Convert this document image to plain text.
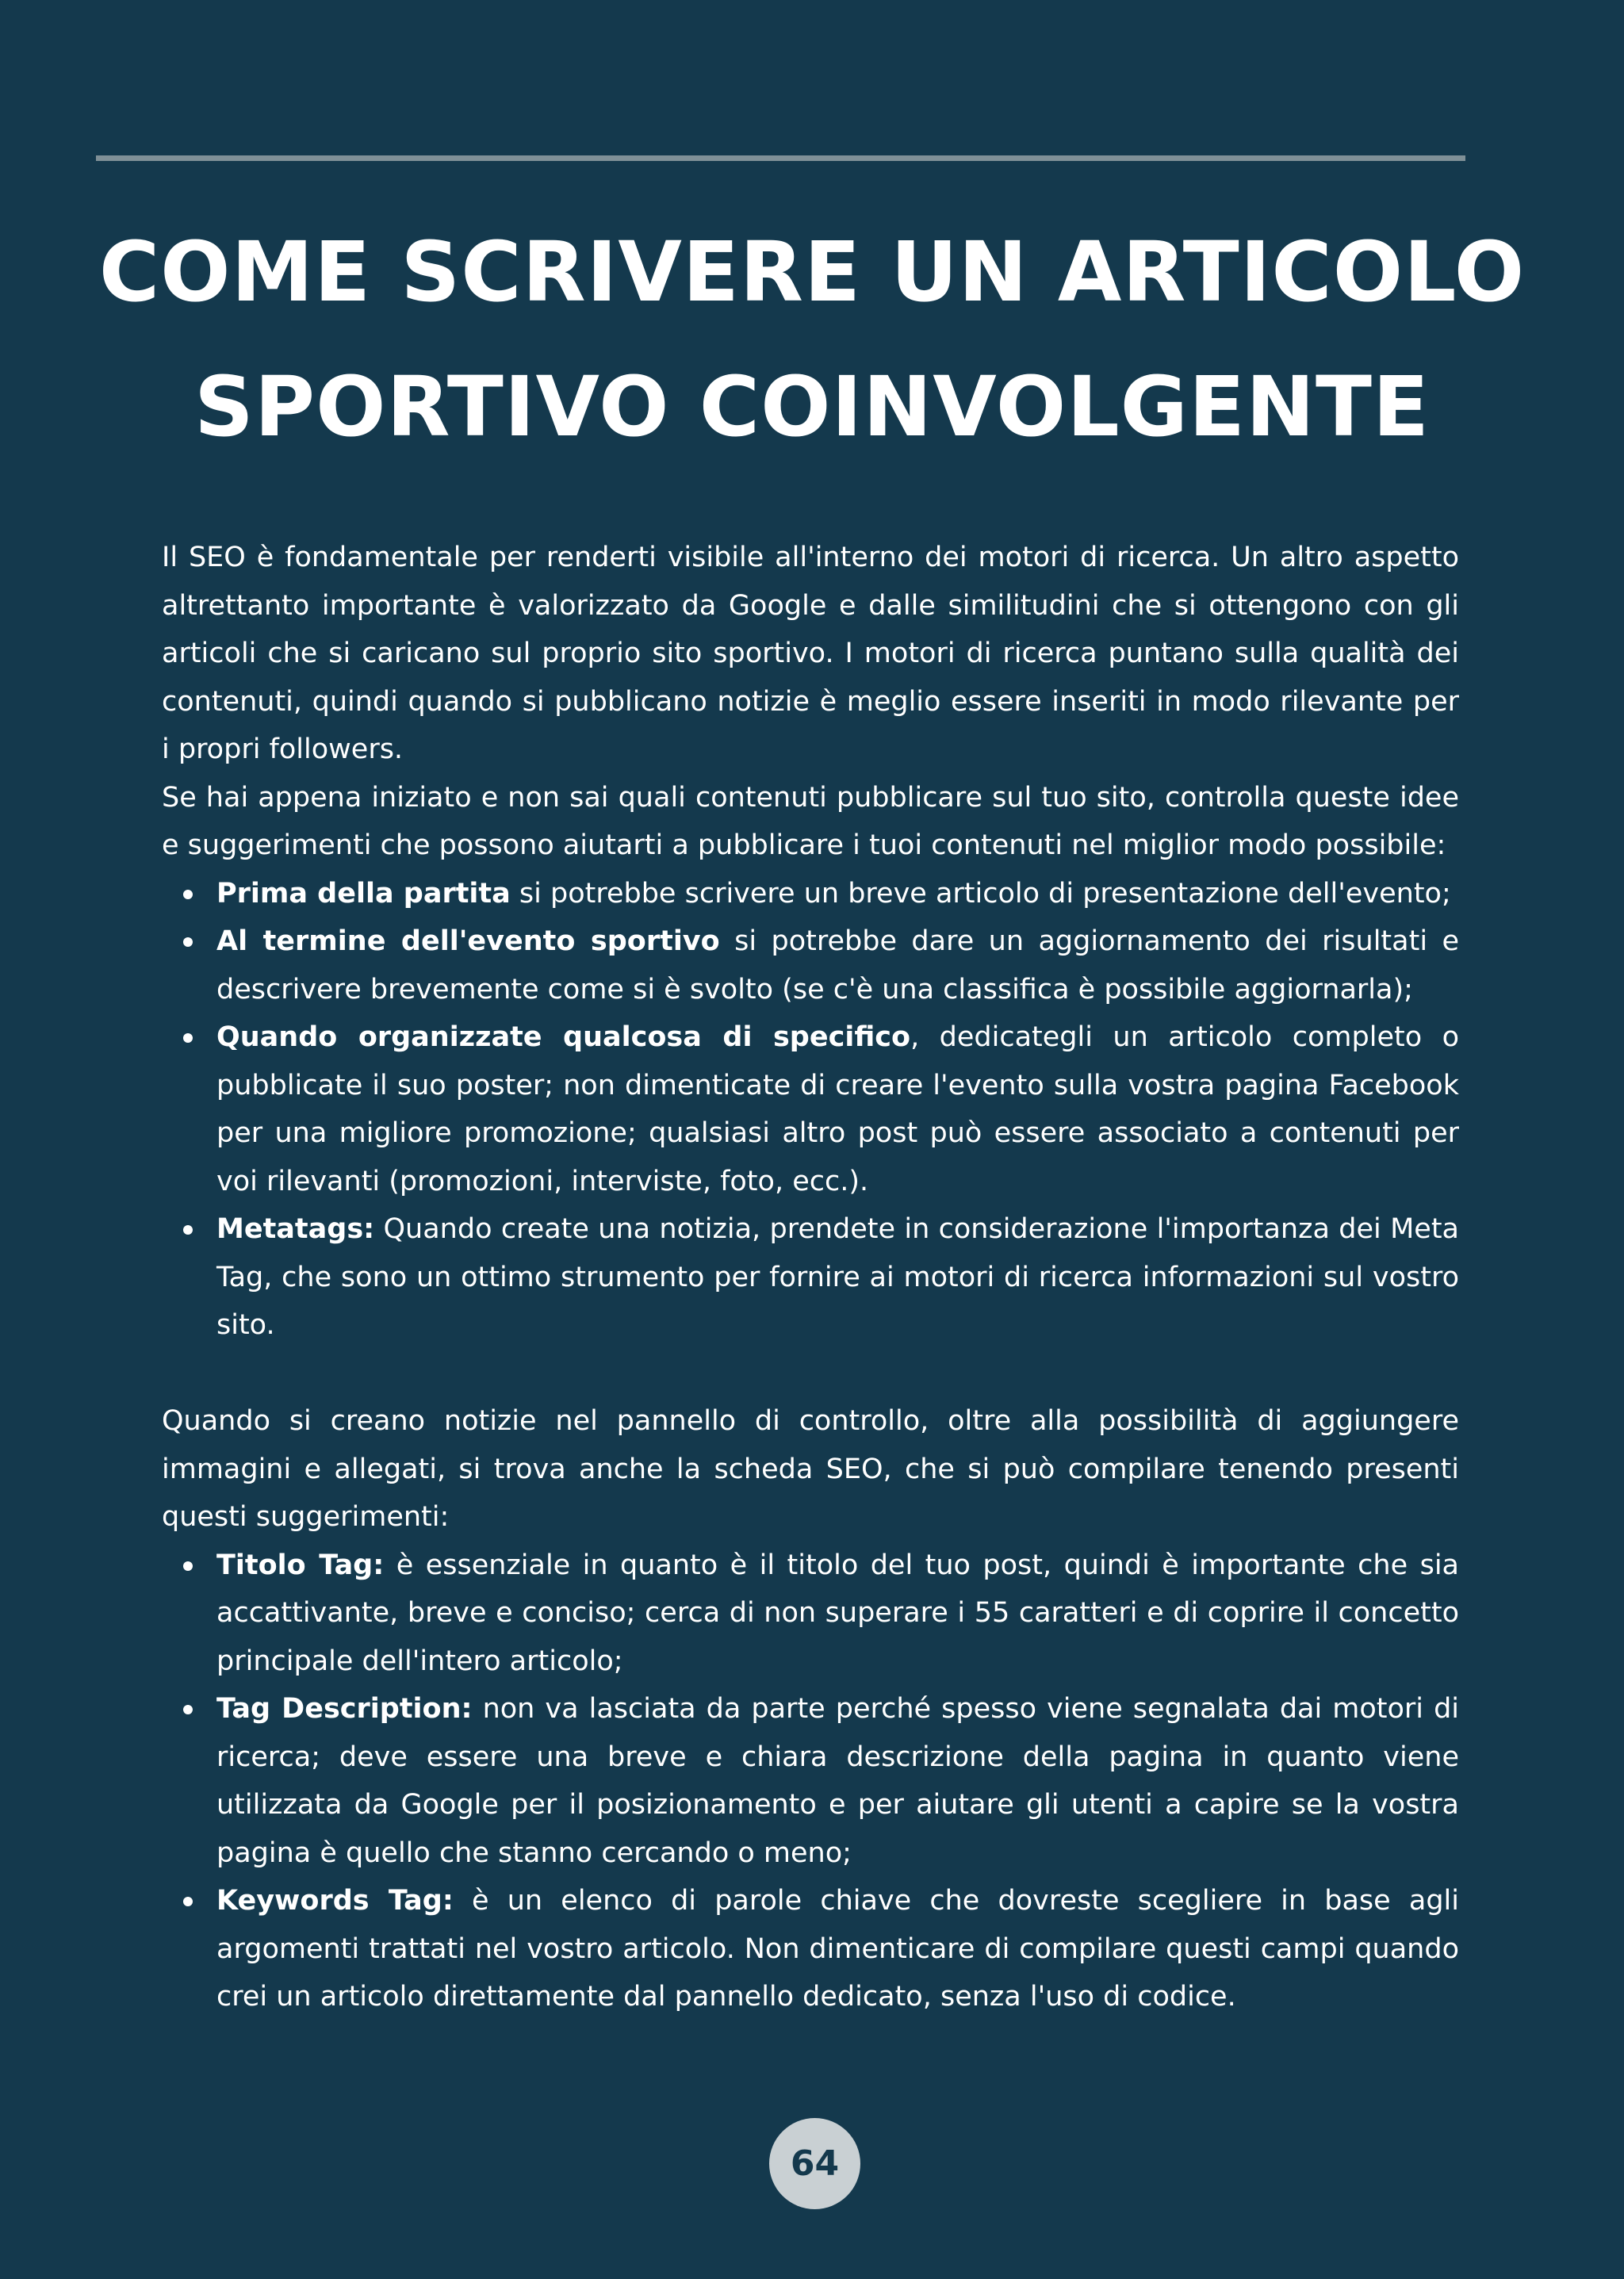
COME SCRIVERE UN ARTICOLO
SPORTIVO COINVOLGENTE

Il SEO è fondamentale per renderti visibile all'interno dei motori di ricerca. Un altro aspetto altrettanto importante è valorizzato da Google e dalle similitudini che si ottengono con gli articoli che si caricano sul proprio sito sportivo. I motori di ricerca puntano sulla qualità dei contenuti, quindi quando si pubblicano notizie è meglio essere inseriti in modo rilevante per i propri followers.

Se hai appena iniziato e non sai quali contenuti pubblicare sul tuo sito, controlla queste idee e suggerimenti che possono aiutarti a pubblicare i tuoi contenuti nel miglior modo possibile:

Prima della partita si potrebbe scrivere un breve articolo di presentazione dell'evento;
Al termine dell'evento sportivo si potrebbe dare un aggiornamento dei risultati e descrivere brevemente come si è svolto (se c'è una classifica è possibile aggiornarla);
Quando organizzate qualcosa di specifico, dedicategli un articolo completo o pubblicate il suo poster; non dimenticate di creare l'evento sulla vostra pagina Facebook per una migliore promozione; qualsiasi altro post può essere associato a contenuti per voi rilevanti (promozioni, interviste, foto, ecc.).
Metatags: Quando create una notizia, prendete in considerazione l'importanza dei Meta Tag, che sono un ottimo strumento per fornire ai motori di ricerca informazioni sul vostro sito.

Quando si creano notizie nel pannello di controllo, oltre alla possibilità di aggiungere immagini e allegati, si trova anche la scheda SEO, che si può compilare tenendo presenti questi suggerimenti:

Titolo Tag: è essenziale in quanto è il titolo del tuo post, quindi è importante che sia accattivante, breve e conciso; cerca di non superare i 55 caratteri e di coprire il concetto principale dell'intero articolo;
Tag Description: non va lasciata da parte perché spesso viene segnalata dai motori di ricerca; deve essere una breve e chiara descrizione della pagina in quanto viene utilizzata da Google per il posizionamento e per aiutare gli utenti a capire se la vostra pagina è quello che stanno cercando o meno;
Keywords Tag: è un elenco di parole chiave che dovreste scegliere in base agli argomenti trattati nel vostro articolo. Non dimenticare di compilare questi campi quando crei un articolo direttamente dal pannello dedicato, senza l'uso di codice.
64
